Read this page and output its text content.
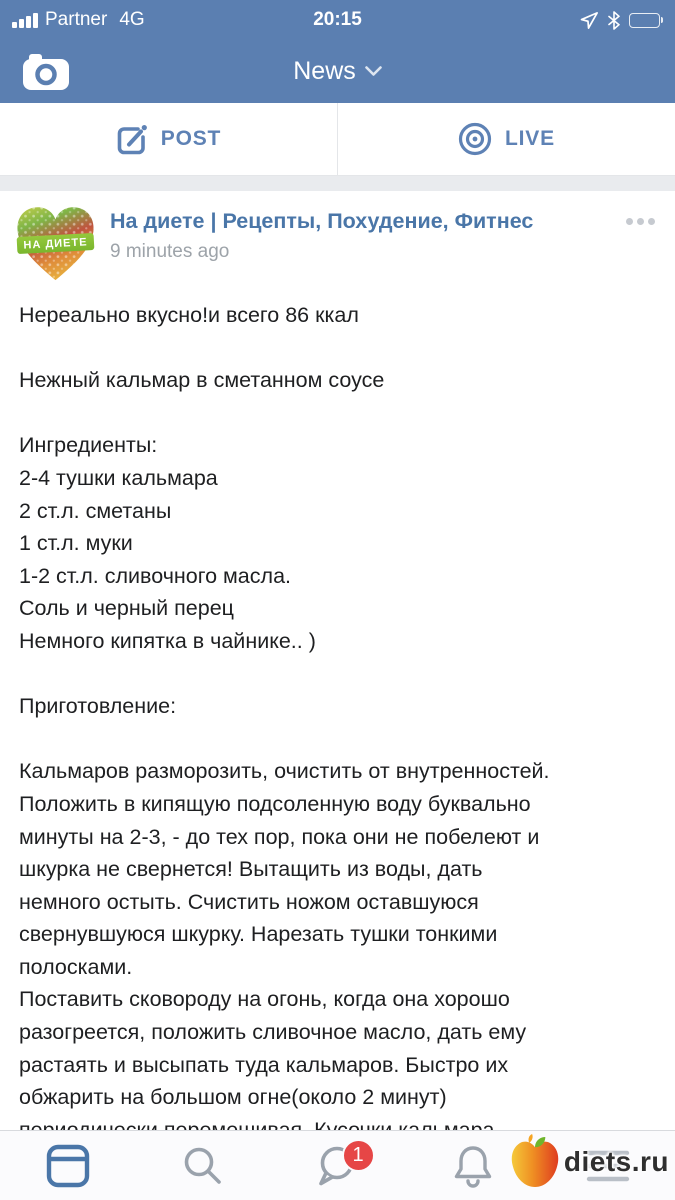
Partner 4G	20:15
News
POST	LIVE
НА ДИЕТЕ
На диете | Рецепты, Похудение, Фитнес
9 minutes ago
Нереально вкусно!и всего 86 ккал
Нежный кальмар в сметанном соусе
Ингредиенты:
2-4 тушки кальмара
2 ст.л. сметаны
1 ст.л. муки
1-2 ст.л. сливочного масла.
Соль и черный перец
Немного кипятка в чайнике.. )
Приготовление:
Кальмаров разморозить, очистить от внутренностей.
Положить в кипящую подсоленную воду буквально
минуты на 2-3, - до тех пор, пока они не побелеют и
шкурка не свернется! Вытащить из воды, дать
немного остыть. Счистить ножом оставшуюся
свернувшуюся шкурку. Нарезать тушки тонкими
полосками.
Поставить сковороду на огонь, когда она хорошо
разогреется, положить сливочное масло, дать ему
растаять и высыпать туда кальмаров. Быстро их
обжарить на большом огне(около 2 минут)
1	diets.ru
